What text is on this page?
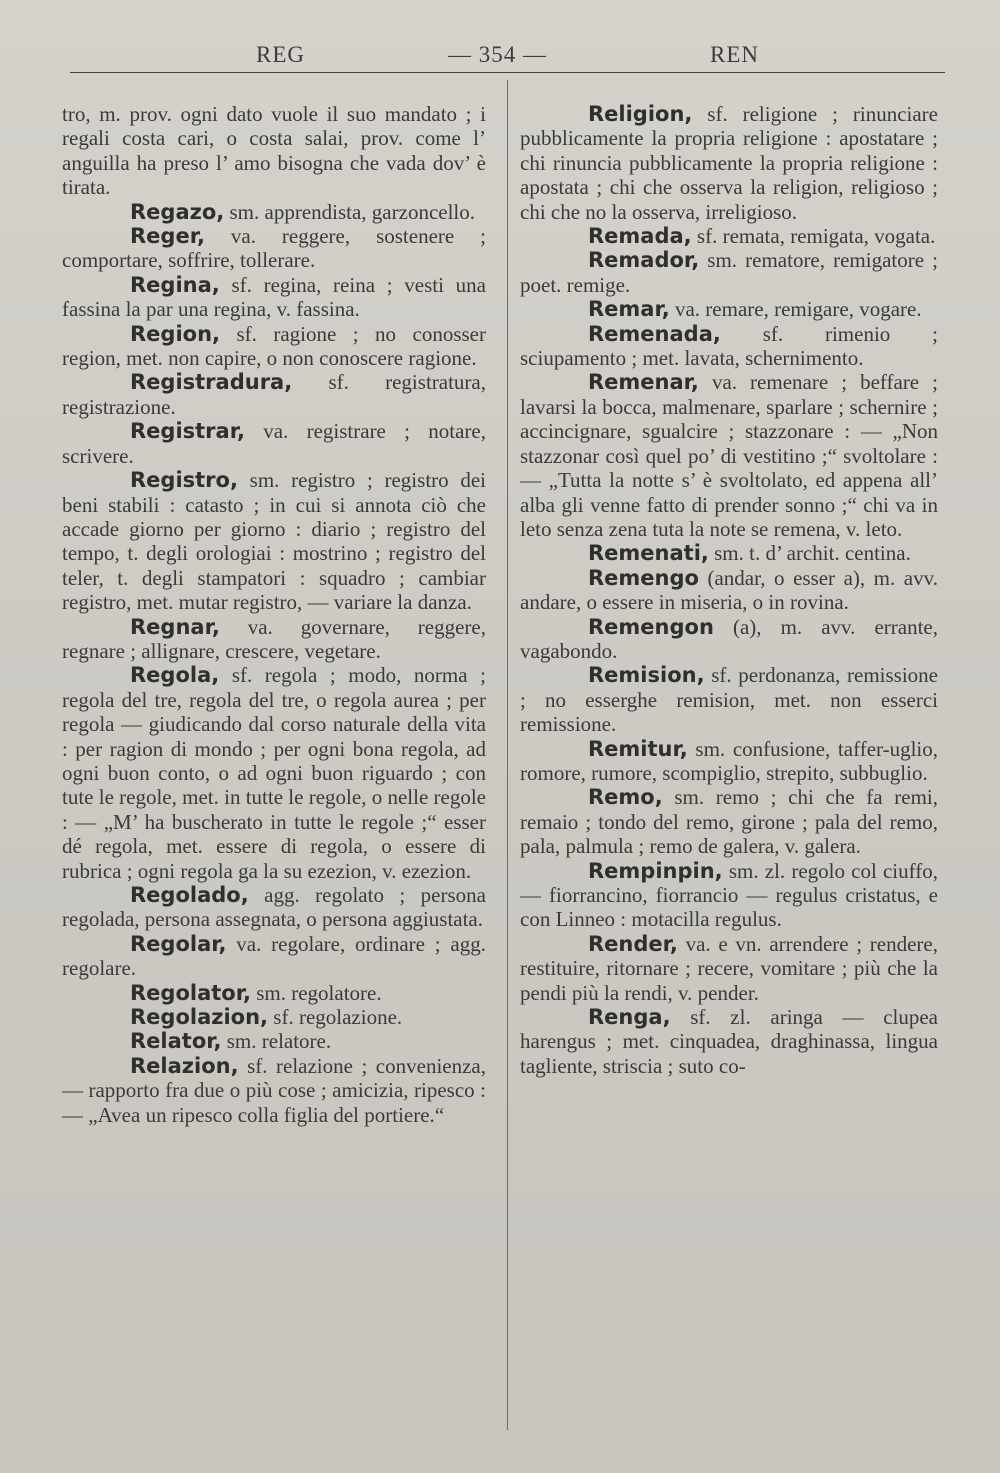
REG	— 354 —	REN

tro, m. prov. ogni dato vuole il suo mandato ; i regali costa cari, o costa salai, prov. come l’ anguilla ha preso l’ amo bisogna che vada dov’ è tirata.

Regazo, sm. apprendista, garzoncello.

Reger, va. reggere, sostenere ; comportare, soffrire, tollerare.

Regina, sf. regina, reina ; vesti una fassina la par una regina, v. fassina.

Region, sf. ragione ; no conosser region, met. non capire, o non conoscere ragione.

Registradura, sf. registratura, registrazione.

Registrar, va. registrare ; notare, scrivere.

Registro, sm. registro ; registro dei beni stabili : catasto ; in cui si annota ciò che accade giorno per giorno : diario ; registro del tempo, t. degli orologiai : mostrino ; registro del teler, t. degli stampatori : squadro ; cambiar registro, met. mutar registro, — variare la danza.

Regnar, va. governare, reggere, regnare ; allignare, crescere, vegetare.

Regola, sf. regola ; modo, norma ; regola del tre, regola del tre, o regola aurea ; per regola — giudicando dal corso naturale della vita : per ragion di mondo ; per ogni bona regola, ad ogni buon conto, o ad ogni buon riguardo ; con tute le regole, met. in tutte le regole, o nelle regole : — „M’ ha buscherato in tutte le regole ;“ esser dé regola, met. essere di regola, o essere di rubrica ; ogni regola ga la su ezezion, v. ezezion.

Regolado, agg. regolato ; persona regolada, persona assegnata, o persona aggiustata.

Regolar, va. regolare, ordinare ; agg. regolare.

Regolator, sm. regolatore.

Regolazion, sf. regolazione.

Relator, sm. relatore.

Relazion, sf. relazione ; convenienza, — rapporto fra due o più cose ; amicizia, ripesco : — „Avea un ripesco colla figlia del portiere.“

Religion, sf. religione ; rinunciare pubblicamente la propria religione : apostatare ; chi rinuncia pubblicamente la propria religione : apostata ; chi che osserva la religion, religioso ; chi che no la osserva, irreligioso.

Remada, sf. remata, remigata, vogata.

Remador, sm. rematore, remigatore ; poet. remige.

Remar, va. remare, remigare, vogare.

Remenada, sf. rimenio ; sciupamento ; met. lavata, schernimento.

Remenar, va. remenare ; beffare ; lavarsi la bocca, malmenare, sparlare ; schernire ; accincignare, sgualcire ; stazzonare : — „Non stazzonar così quel po’ di vestitino ;“ svoltolare : — „Tutta la notte s’ è svoltolato, ed appena all’ alba gli venne fatto di prender sonno ;“ chi va in leto senza zena tuta la note se remena, v. leto.

Remenati, sm. t. d’ archit. centina.

Remengo (andar, o esser a), m. avv. andare, o essere in miseria, o in rovina.

Remengon (a), m. avv. errante, vagabondo.

Remision, sf. perdonanza, remissione ; no esserghe remision, met. non esserci remissione.

Remitur, sm. confusione, taffer-uglio, romore, rumore, scompiglio, strepito, subbuglio.

Remo, sm. remo ; chi che fa remi, remaio ; tondo del remo, girone ; pala del remo, pala, palmula ; remo de galera, v. galera.

Rempinpin, sm. zl. regolo col ciuffo, — fiorrancino, fiorrancio — regulus cristatus, e con Linneo : motacilla regulus.

Render, va. e vn. arrendere ; rendere, restituire, ritornare ; recere, vomitare ; più che la pendi più la rendi, v. pender.

Renga, sf. zl. aringa — clupea harengus ; met. cinquadea, draghinassa, lingua tagliente, striscia ; suto co-
